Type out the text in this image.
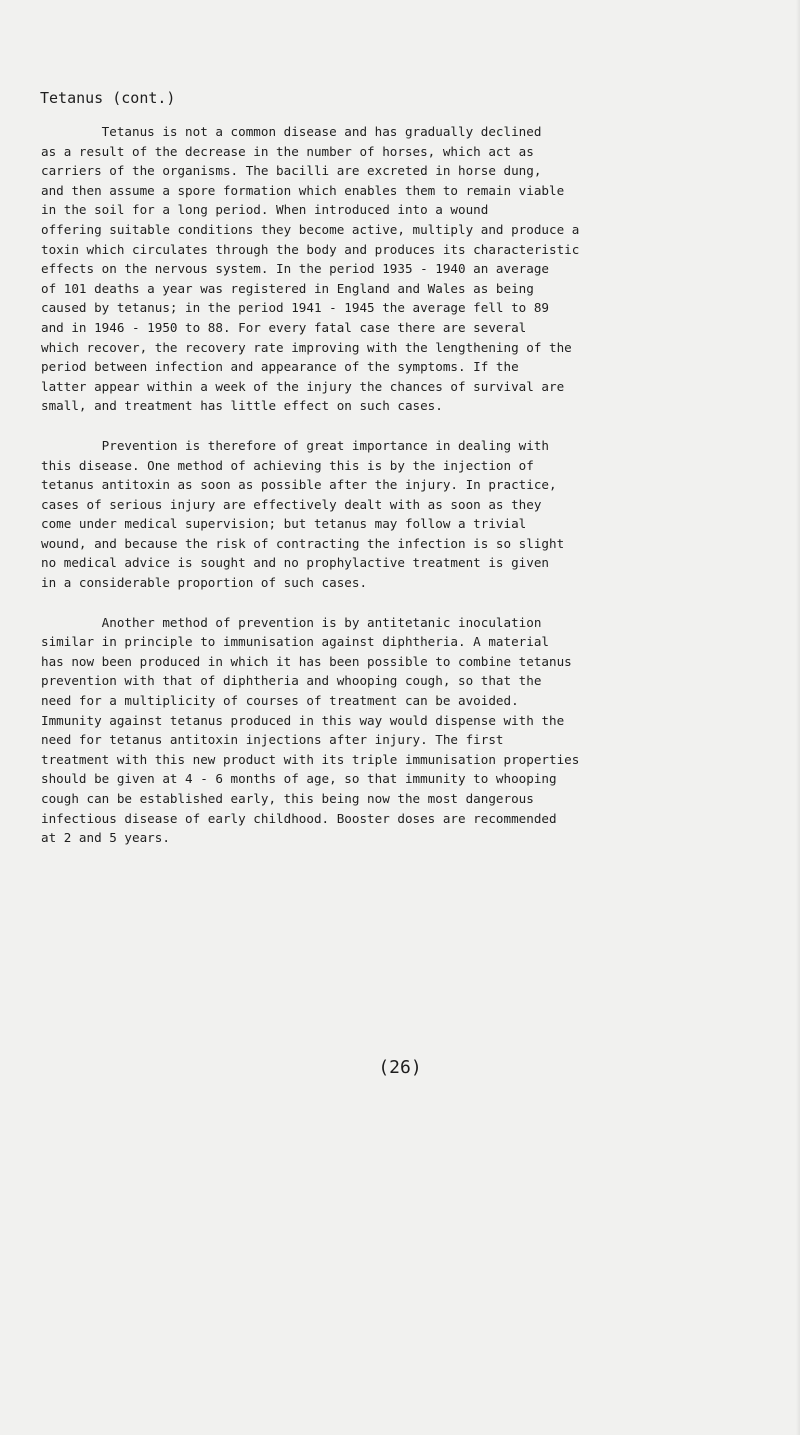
Tetanus (cont.)

Tetanus is not a common disease and has gradually declined
as a result of the decrease in the number of horses, which act as
carriers of the organisms. The bacilli are excreted in horse dung,
and then assume a spore formation which enables them to remain viable
in the soil for a long period. When introduced into a wound
offering suitable conditions they become active, multiply and produce a
toxin which circulates through the body and produces its characteristic
effects on the nervous system. In the period 1935 - 1940 an average
of 101 deaths a year was registered in England and Wales as being
caused by tetanus; in the period 1941 - 1945 the average fell to 89
and in 1946 - 1950 to 88. For every fatal case there are several
which recover, the recovery rate improving with the lengthening of the
period between infection and appearance of the symptoms. If the
latter appear within a week of the injury the chances of survival are
small, and treatment has little effect on such cases.

Prevention is therefore of great importance in dealing with
this disease. One method of achieving this is by the injection of
tetanus antitoxin as soon as possible after the injury. In practice,
cases of serious injury are effectively dealt with as soon as they
come under medical supervision; but tetanus may follow a trivial
wound, and because the risk of contracting the infection is so slight
no medical advice is sought and no prophylactive treatment is given
in a considerable proportion of such cases.

Another method of prevention is by antitetanic inoculation
similar in principle to immunisation against diphtheria. A material
has now been produced in which it has been possible to combine tetanus
prevention with that of diphtheria and whooping cough, so that the
need for a multiplicity of courses of treatment can be avoided.
Immunity against tetanus produced in this way would dispense with the
need for tetanus antitoxin injections after injury. The first
treatment with this new product with its triple immunisation properties
should be given at 4 - 6 months of age, so that immunity to whooping
cough can be established early, this being now the most dangerous
infectious disease of early childhood. Booster doses are recommended
at 2 and 5 years.

(26)
